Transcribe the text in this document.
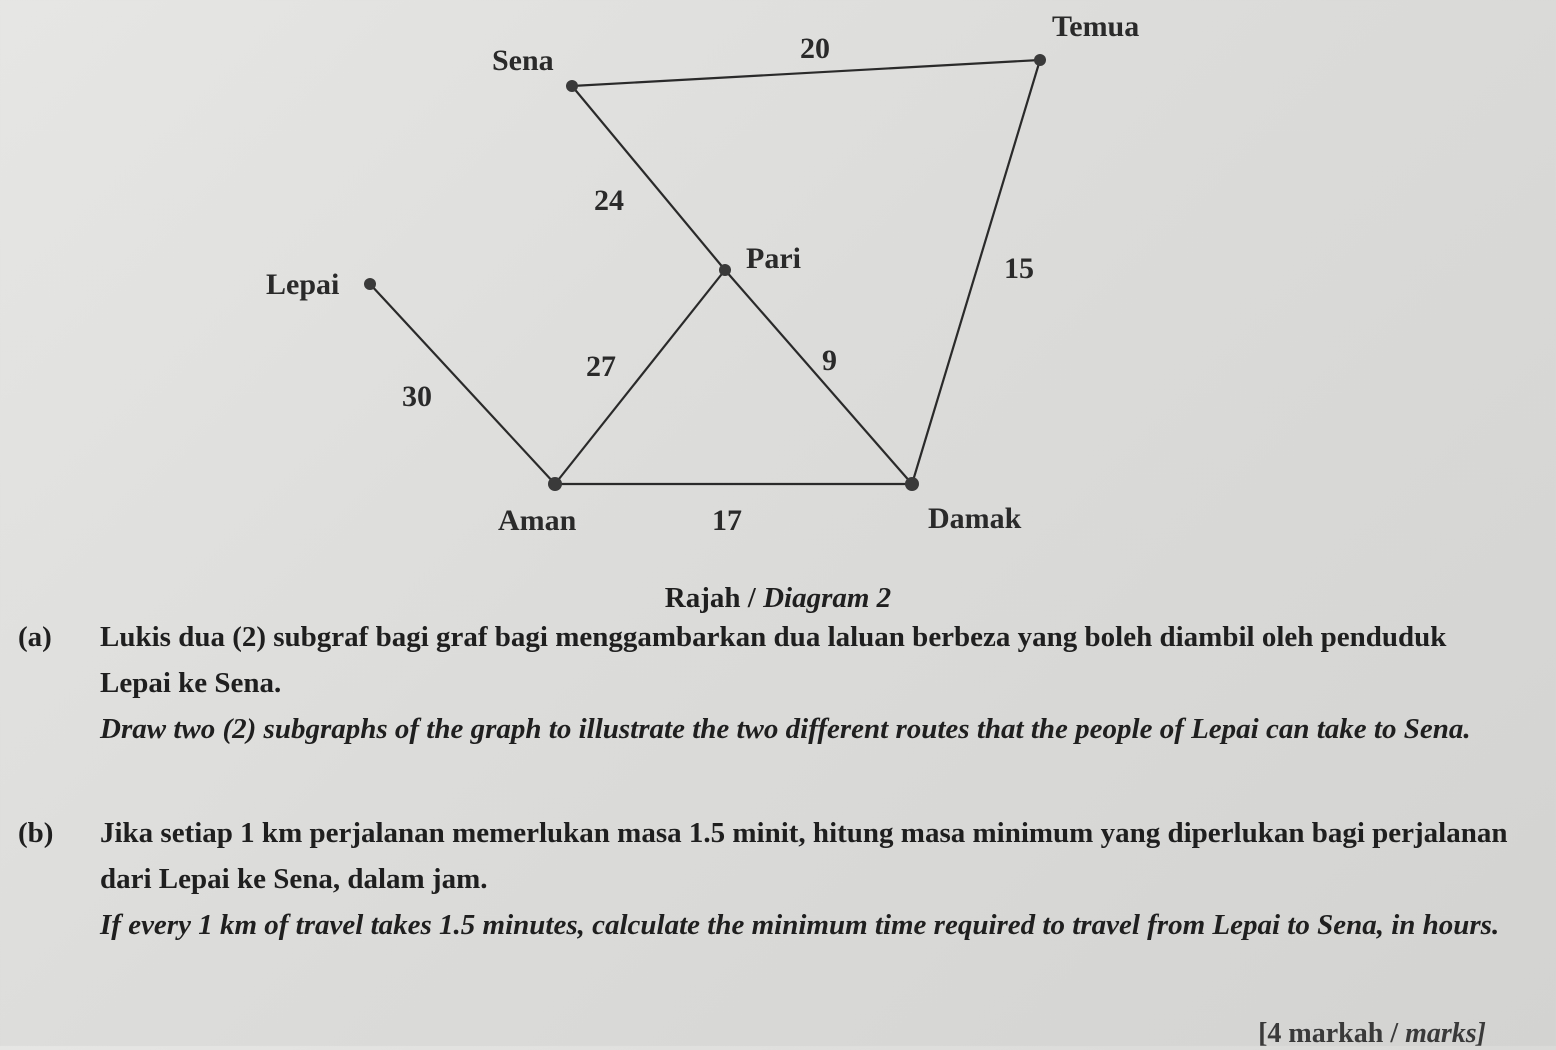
Sena
Temua
Lepai
Pari
Aman	Damak
20
24
15
30
27	9
17
Rajah / Diagram 2
(a) Lukis dua (2) subgraf bagi graf bagi menggambarkan dua laluan berbeza yang boleh diambil oleh penduduk Lepai ke Sena.
Draw two (2) subgraphs of the graph to illustrate the two different routes that the people of Lepai can take to Sena.
(b) Jika setiap 1 km perjalanan memerlukan masa 1.5 minit, hitung masa minimum yang diperlukan bagi perjalanan dari Lepai ke Sena, dalam jam.
If every 1 km of travel takes 1.5 minutes, calculate the minimum time required to travel from Lepai to Sena, in hours.
[4 markah / marks]
